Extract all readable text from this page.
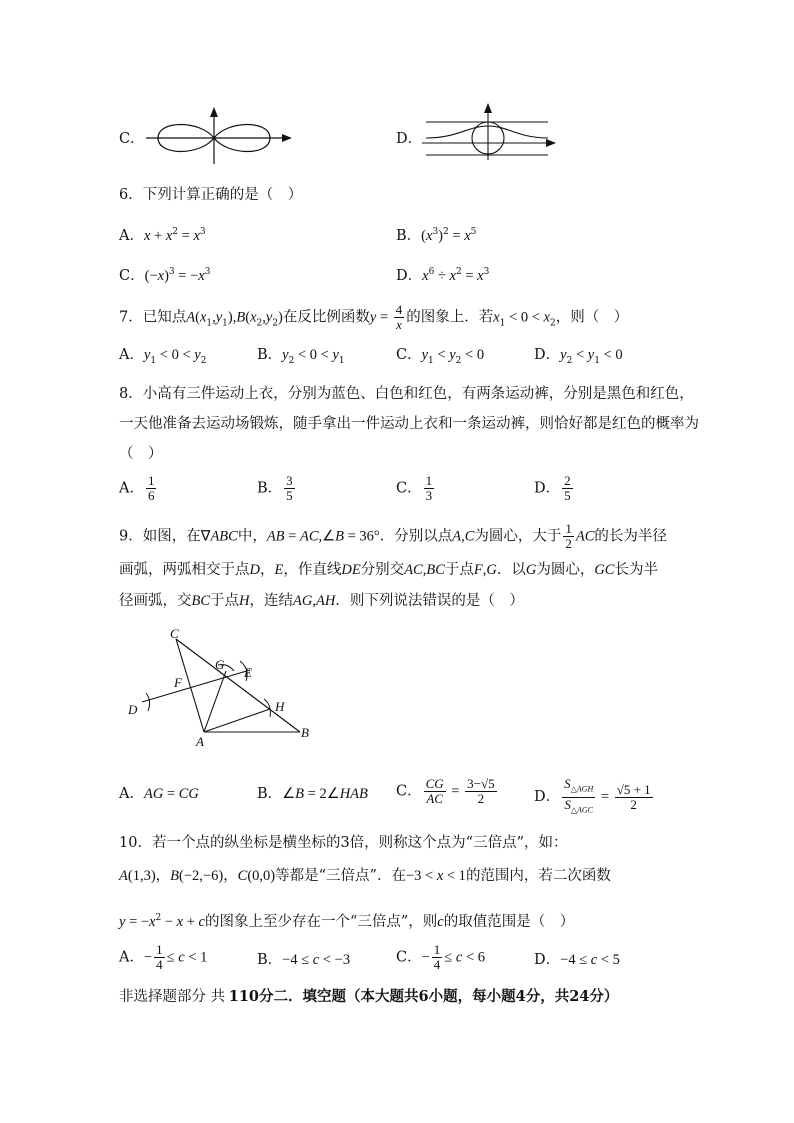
C．	D．
6．下列计算正确的是（　）
A．$x + x^2 = x^3$	B．$(x^3)^2 = x^5$
C．$(-x)^3 = -x^3$	D．$x^6 \div x^2 = x^3$
7．已知点$A(x_1,y_1),B(x_2,y_2)$在反比例函数$y = \frac{4}{x}$ 的图象上．若$x_1 < 0 < x_2$，则（　）
A．$y_1 < 0 < y_2$	B．$y_2 < 0 < y_1$	C．$y_1 < y_2 < 0$	D．$y_2 < y_1 < 0$
8．小高有三件运动上衣，分别为蓝色、白色和红色，有两条运动裤，分别是黑色和红色，
一天他准备去运动场锻炼，随手拿出一件运动上衣和一条运动裤，则恰好都是红色的概率为
（　）
A． $\frac{1}{6}$	B． $\frac{3}{5}$	C． $\frac{1}{3}$	D． $\frac{2}{5}$
9．如图，在∇ABC中，AB = AC,∠B = 36°．分别以点A,C为圆心，大于 $\frac{1}{2}$ AC的长为半径
画弧，两弧相交于点D，E，作直线DE分别交AC,BC于点F,G．以G为圆心，GC长为半
径画弧，交BC于点H，连结AG,AH．则下列说法错误的是（　）
C
G
E
F
D	H
A
B
A．AG = CG	B．∠B = 2∠HAB C． $\frac{CG}{AC} = \frac{3-√5}{2}$	D． $\frac{S_{\triangle AGH}}{S_{\triangle AGC}} = \frac{√5 + 1}{2}$
10．若一个点的纵坐标是横坐标的3倍，则称这个点为“三倍点”，如：
A(1,3)，B(−2,−6)，C(0,0)等都是“三倍点”．在−3 < x < 1的范围内，若二次函数
$y = -x^2 - x + c$的图象上至少存在一个“三倍点”，则c的取值范围是（　）
A．− $\frac{1}{4} \le c < 1$	B．−4 ≤ c < −3	C．− $\frac{1}{4} \le c < 6$	D．−4 ≤ c < 5
非选择题部分 共 110分二．填空题（本大题共6小题，每小题4分，共24分）
